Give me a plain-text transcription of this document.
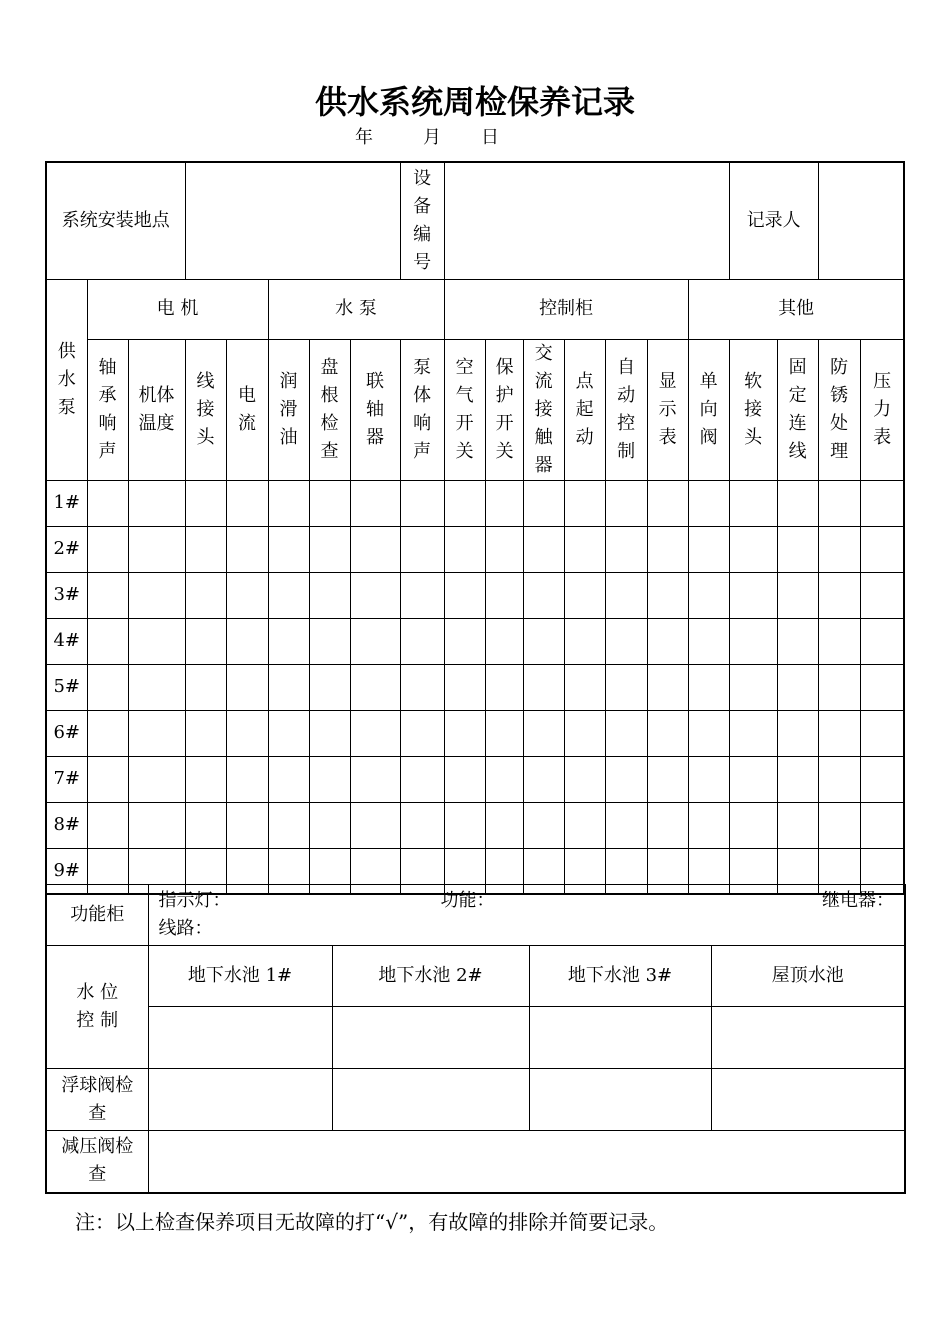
供水系统周检保养记录
年	月 日
系统安装地点								设备编号								记录人			
供水泵	电 机				水 泵				控制柜						其他				
	轴承响声	机体温度	线接头	电流	润滑油	盘根检查	联轴器	泵体响声	空气开关	保护开关	交流接触器	点起动	自动控制	显示表	单向阀	软接头	固定连线	防锈处理	压力表
1#																			
2#																			
3#																			
4#																			
5#																			
6#																			
7#																			
8#																			
9#																			
功能柜	指示灯： 功能： 继电器：
线路：			

水 位 控 制	地下水池 1#	地下水池 2#	地下水池 3#	屋顶水池

浮球阀检查				
减压阀检查				
注：以上检查保养项目无故障的打“√”，有故障的排除并简要记录。
